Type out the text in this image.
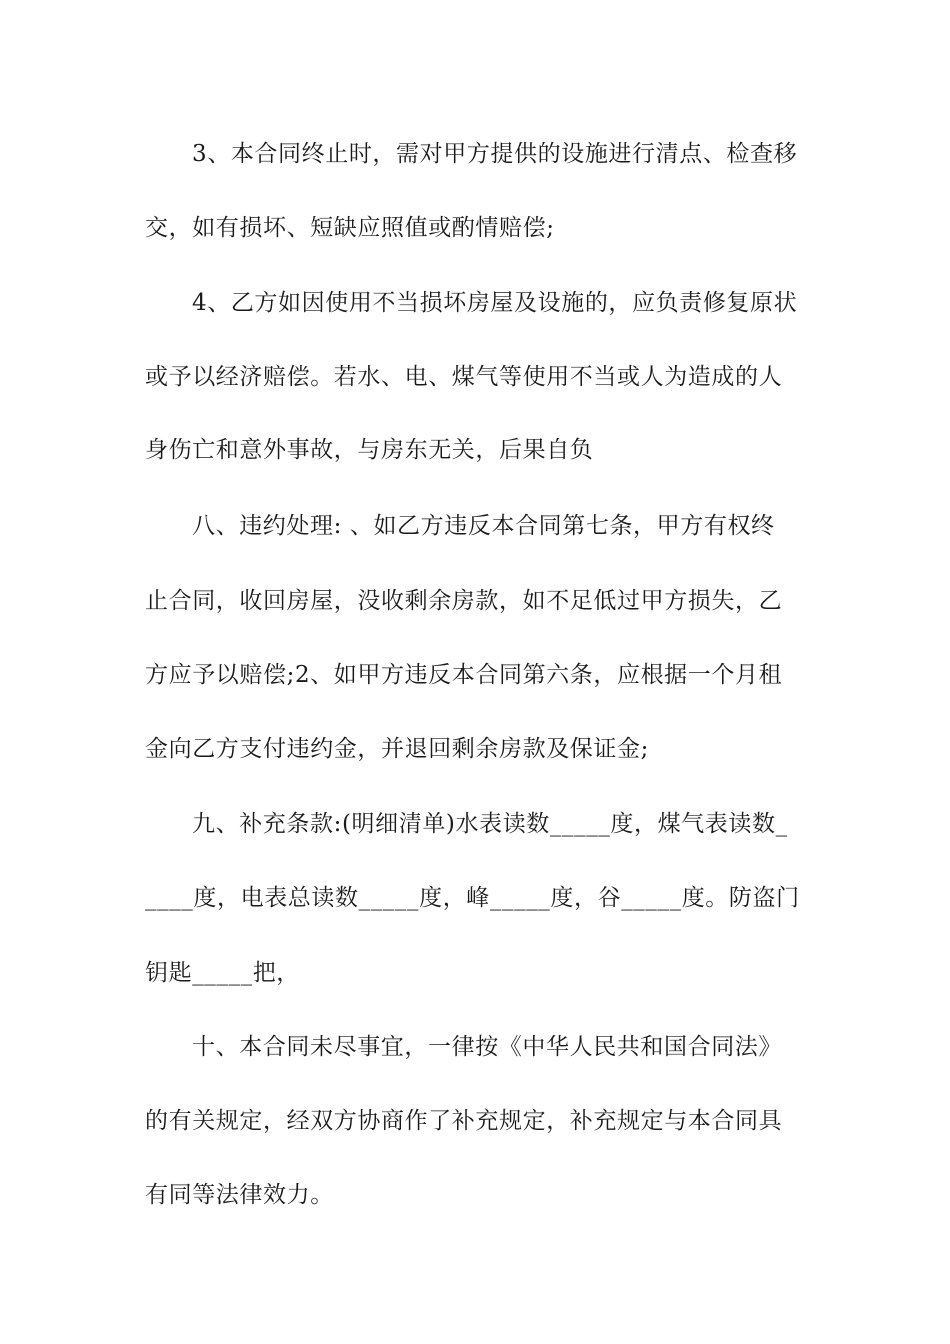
3、本合同终止时，需对甲方提供的设施进行清点、检查移
交，如有损坏、短缺应照值或酌情赔偿;
4、乙方如因使用不当损坏房屋及设施的，应负责修复原状
或予以经济赔偿。若水、电、煤气等使用不当或人为造成的人
身伤亡和意外事故，与房东无关，后果自负
八、违约处理: 、如乙方违反本合同第七条，甲方有权终
止合同，收回房屋，没收剩余房款，如不足低过甲方损失，乙
方应予以赔偿;2、如甲方违反本合同第六条，应根据一个月租
金向乙方支付违约金，并退回剩余房款及保证金;
九、补充条款:(明细清单)水表读数_____度，煤气表读数_
____度，电表总读数_____度，峰_____度，谷_____度。防盗门
钥匙_____把，
十、本合同未尽事宜，一律按《中华人民共和国合同法》
的有关规定，经双方协商作了补充规定，补充规定与本合同具
有同等法律效力。
